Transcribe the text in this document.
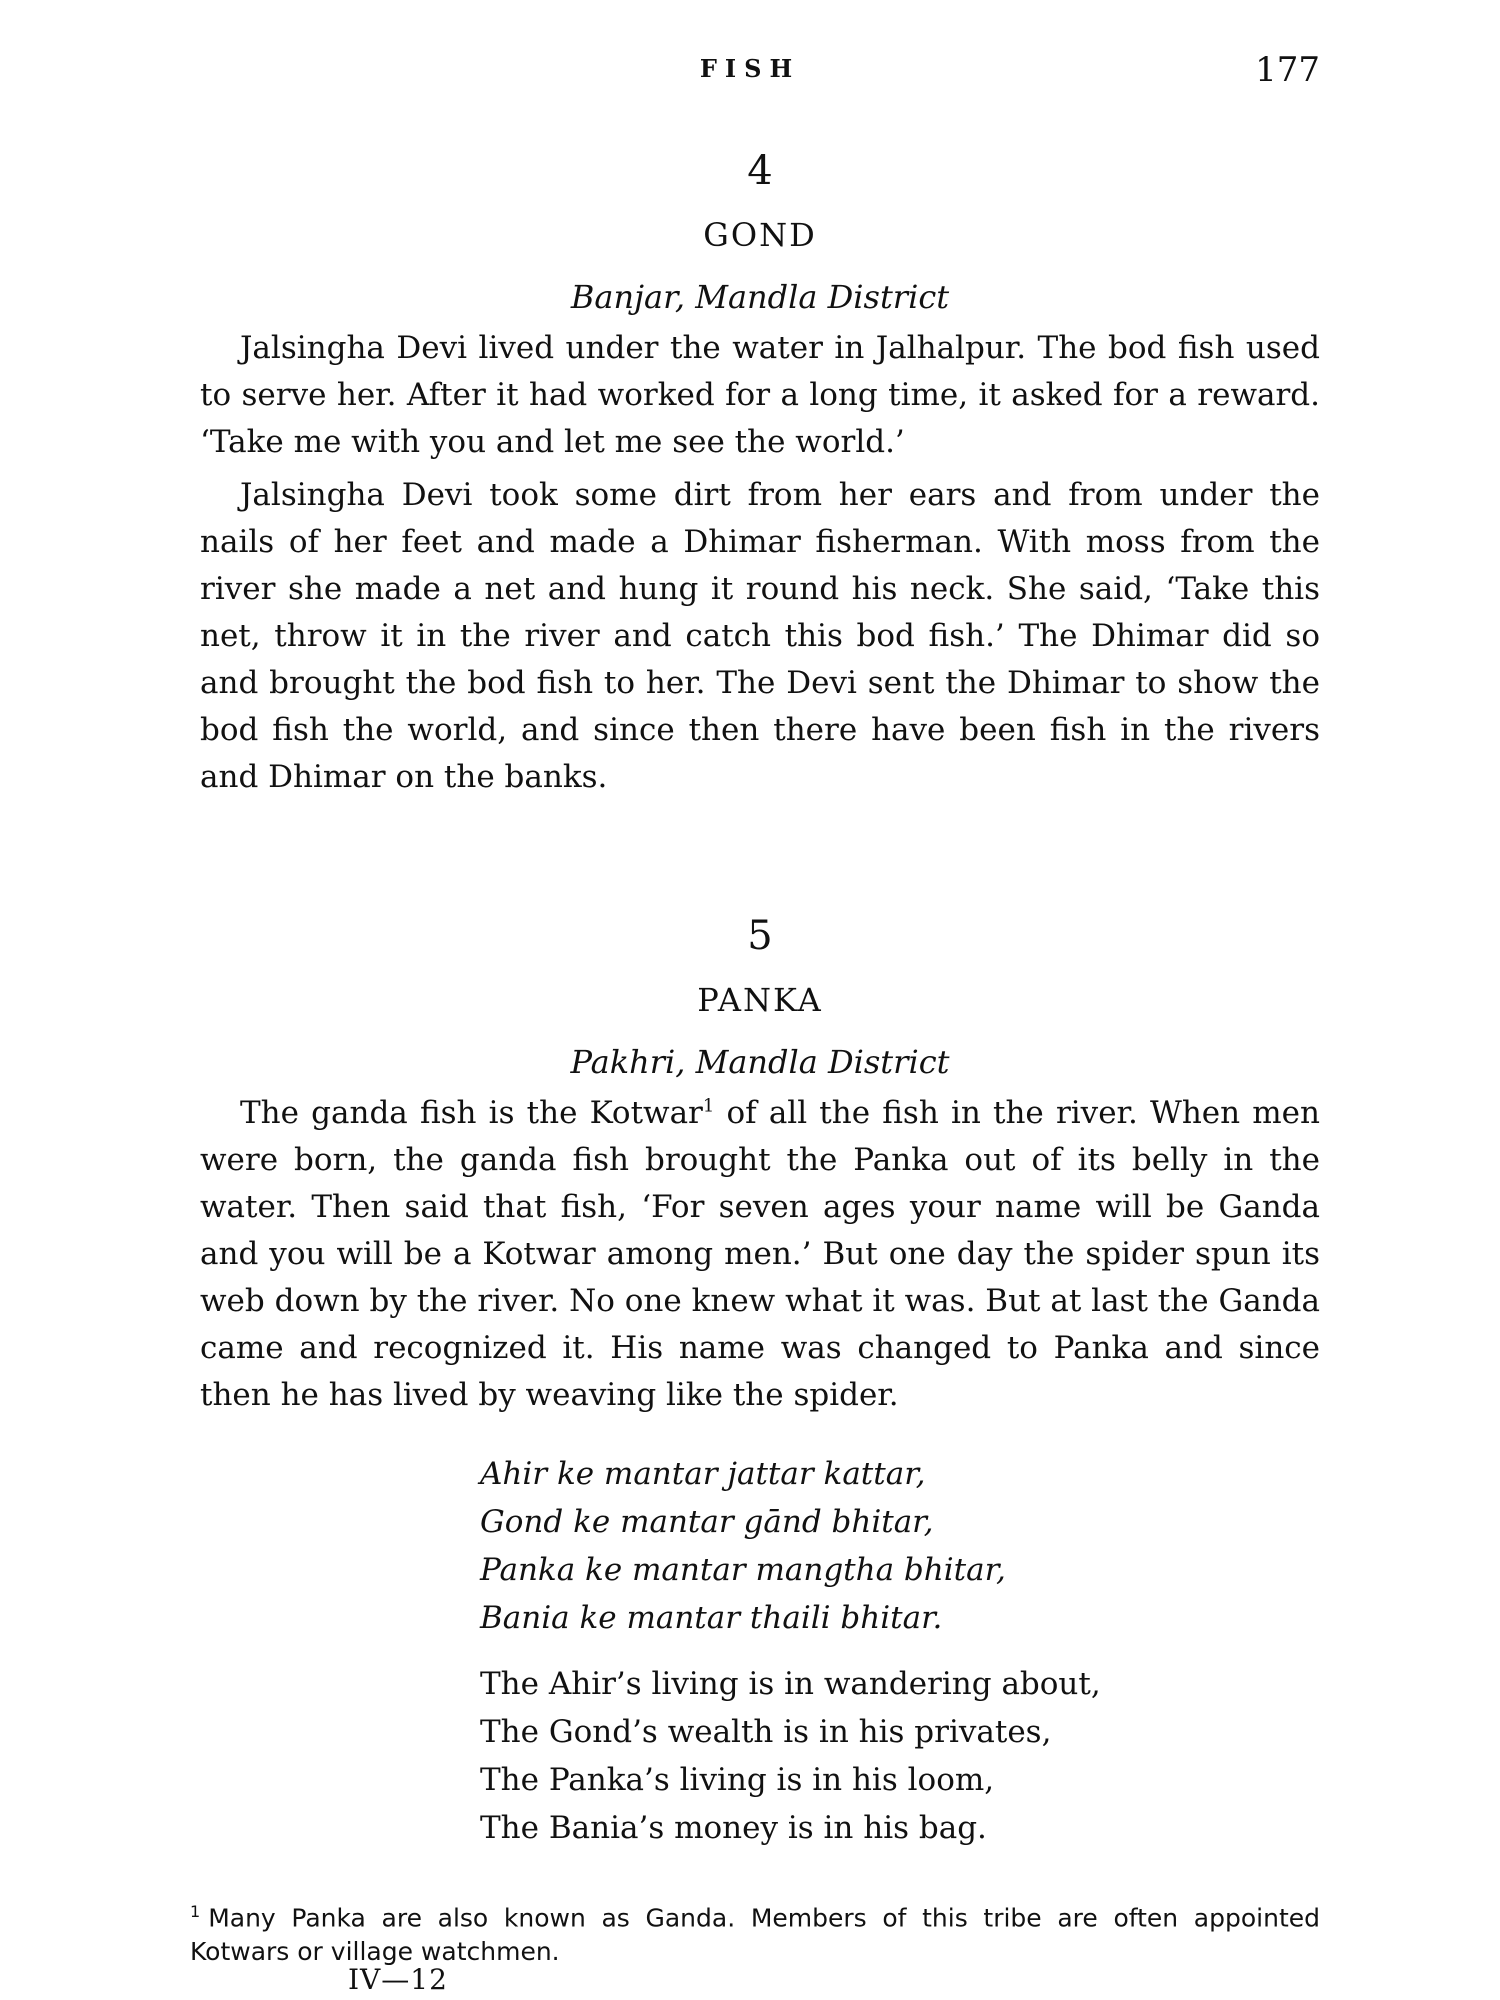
FISH	177
4
GOND
Banjar, Mandla District

Jalsingha Devi lived under the water in Jalhalpur. The bod fish used to serve her. After it had worked for a long time, it asked for a reward. ‘Take me with you and let me see the world.’

Jalsingha Devi took some dirt from her ears and from under the nails of her feet and made a Dhimar fisherman. With moss from the river she made a net and hung it round his neck. She said, ‘Take this net, throw it in the river and catch this bod fish.’ The Dhimar did so and brought the bod fish to her. The Devi sent the Dhimar to show the bod fish the world, and since then there have been fish in the rivers and Dhimar on the banks.

5
PANKA
Pakhri, Mandla District

The ganda fish is the Kotwar$^1$ of all the fish in the river. When men were born, the ganda fish brought the Panka out of its belly in the water. Then said that fish, ‘For seven ages your name will be Ganda and you will be a Kotwar among men.’ But one day the spider spun its web down by the river. No one knew what it was. But at last the Ganda came and recognized it. His name was changed to Panka and since then he has lived by weaving like the spider.

Ahir ke mantar jattar kattar,
Gond ke mantar gānd bhitar,
Panka ke mantar mangtha bhitar,
Bania ke mantar thaili bhitar.
The Ahir’s living is in wandering about,
The Gond’s wealth is in his privates,
The Panka’s living is in his loom,
The Bania’s money is in his bag.
$^1$ Many Panka are also known as Ganda. Members of this tribe are often appointed Kotwars or village watchmen.
IV—12
